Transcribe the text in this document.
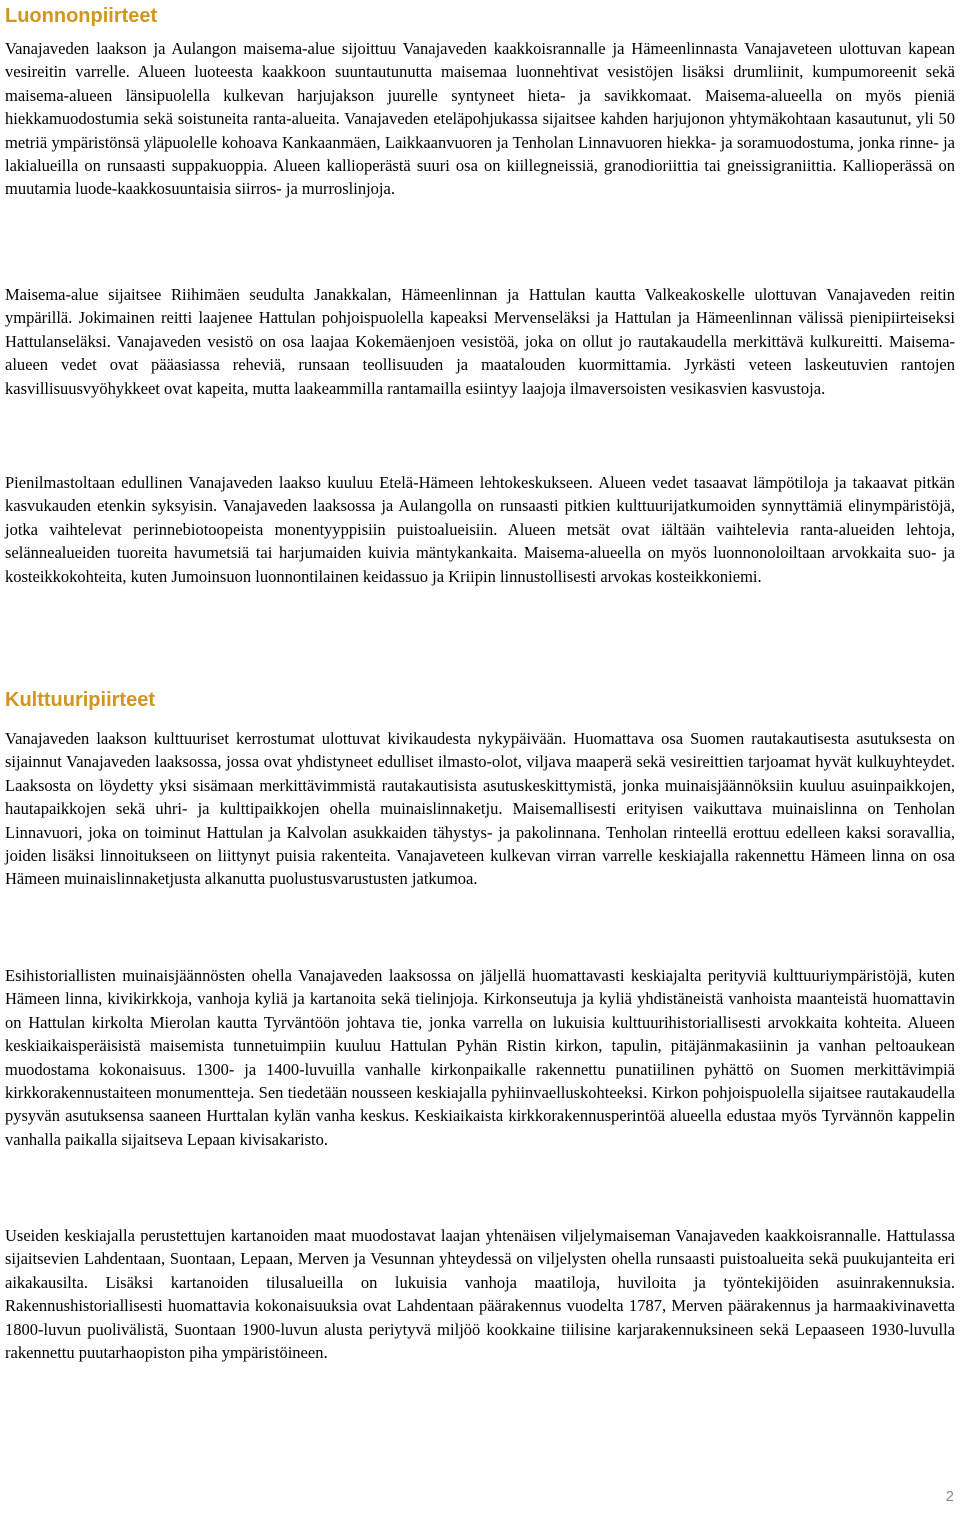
Luonnonpiirteet

Vanajaveden laakson ja Aulangon maisema-alue sijoittuu Vanajaveden kaakkoisrannalle ja Hämeenlinnasta Vanajaveteen ulottuvan kapean vesireitin varrelle. Alueen luoteesta kaakkoon suuntautunutta maisemaa luonnehtivat vesistöjen lisäksi drumliinit, kumpumoreenit sekä maisema-alueen länsipuolella kulkevan harjujakson juurelle syntyneet hieta- ja savikkomaat. Maisema-alueella on myös pieniä hiekkamuodostumia sekä soistuneita ranta-alueita. Vanajaveden eteläpohjukassa sijaitsee kahden harjujonon yhtymäkohtaan kasautunut, yli 50 metriä ympäristönsä yläpuolelle kohoava Kankaanmäen, Laikkaanvuoren ja Tenholan Linnavuoren hiekka- ja soramuodostuma, jonka rinne- ja lakialueilla on runsaasti suppakuoppia. Alueen kallioperästä suuri osa on kiillegneissiä, granodioriittia tai gneissigraniittia. Kallioperässä on muutamia luode-kaakkosuuntaisia siirros- ja murroslinjoja.

Maisema-alue sijaitsee Riihimäen seudulta Janakkalan, Hämeenlinnan ja Hattulan kautta Valkeakoskelle ulottuvan Vanajaveden reitin ympärillä. Jokimainen reitti laajenee Hattulan pohjoispuolella kapeaksi Mervenseläksi ja Hattulan ja Hämeenlinnan välissä pienipiirteiseksi Hattulanseläksi. Vanajaveden vesistö on osa laajaa Kokemäenjoen vesistöä, joka on ollut jo rautakaudella merkittävä kulkureitti. Maisema-alueen vedet ovat pääasiassa reheviä, runsaan teollisuuden ja maatalouden kuormittamia. Jyrkästi veteen laskeutuvien rantojen kasvillisuusvyöhykkeet ovat kapeita, mutta laakeammilla rantamailla esiintyy laajoja ilmaversoisten vesikasvien kasvustoja.

Pienilmastoltaan edullinen Vanajaveden laakso kuuluu Etelä-Hämeen lehtokeskukseen. Alueen vedet tasaavat lämpötiloja ja takaavat pitkän kasvukauden etenkin syksyisin. Vanajaveden laaksossa ja Aulangolla on runsaasti pitkien kulttuurijatkumoiden synnyttämiä elinympäristöjä, jotka vaihtelevat perinnebiotoopeista monentyyppisiin puistoalueisiin. Alueen metsät ovat iältään vaihtelevia ranta-alueiden lehtoja, selännealueiden tuoreita havumetsiä tai harjumaiden kuivia mäntykankaita. Maisema-alueella on myös luonnonoloiltaan arvokkaita suo- ja kosteikkokohteita, kuten Jumoinsuon luonnontilainen keidassuo ja Kriipin linnustollisesti arvokas kosteikkoniemi.

Kulttuuripiirteet

Vanajaveden laakson kulttuuriset kerrostumat ulottuvat kivikaudesta nykypäivään. Huomattava osa Suomen rautakautisesta asutuksesta on sijainnut Vanajaveden laaksossa, jossa ovat yhdistyneet edulliset ilmasto-olot, viljava maaperä sekä vesireittien tarjoamat hyvät kulkuyhteydet. Laaksosta on löydetty yksi sisämaan merkittävimmistä rautakautisista asutuskeskittymistä, jonka muinaisjäännöksiin kuuluu asuinpaikkojen, hautapaikkojen sekä uhri- ja kulttipaikkojen ohella muinaislinnaketju. Maisemallisesti erityisen vaikuttava muinaislinna on Tenholan Linnavuori, joka on toiminut Hattulan ja Kalvolan asukkaiden tähystys- ja pakolinnana. Tenholan rinteellä erottuu edelleen kaksi soravallia, joiden lisäksi linnoitukseen on liittynyt puisia rakenteita. Vanajaveteen kulkevan virran varrelle keskiajalla rakennettu Hämeen linna on osa Hämeen muinaislinnaketjusta alkanutta puolustusvarustusten jatkumoa.

Esihistoriallisten muinaisjäännösten ohella Vanajaveden laaksossa on jäljellä huomattavasti keskiajalta perityviä kulttuuriympäristöjä, kuten Hämeen linna, kivikirkkoja, vanhoja kyliä ja kartanoita sekä tielinjoja. Kirkonseutuja ja kyliä yhdistäneistä vanhoista maanteistä huomattavin on Hattulan kirkolta Mierolan kautta Tyrväntöön johtava tie, jonka varrella on lukuisia kulttuurihistoriallisesti arvokkaita kohteita. Alueen keskiaikaisperäisistä maisemista tunnetuimpiin kuuluu Hattulan Pyhän Ristin kirkon, tapulin, pitäjänmakasiinin ja vanhan peltoaukean muodostama kokonaisuus. 1300- ja 1400-luvuilla vanhalle kirkonpaikalle rakennettu punatiilinen pyhättö on Suomen merkittävimpiä kirkkorakennustaiteen monumentteja. Sen tiedetään nousseen keskiajalla pyhiinvaelluskohteeksi. Kirkon pohjoispuolella sijaitsee rautakaudella pysyvän asutuksensa saaneen Hurttalan kylän vanha keskus. Keskiaikaista kirkkorakennusperintöä alueella edustaa myös Tyrvännön kappelin vanhalla paikalla sijaitseva Lepaan kivisakaristo.

Useiden keskiajalla perustettujen kartanoiden maat muodostavat laajan yhtenäisen viljelymaiseman Vanajaveden kaakkoisrannalle. Hattulassa sijaitsevien Lahdentaan, Suontaan, Lepaan, Merven ja Vesunnan yhteydessä on viljelysten ohella runsaasti puistoalueita sekä puukujanteita eri aikakausilta. Lisäksi kartanoiden tilusalueilla on lukuisia vanhoja maatiloja, huviloita ja työntekijöiden asuinrakennuksia. Rakennushistoriallisesti huomattavia kokonaisuuksia ovat Lahdentaan päärakennus vuodelta 1787, Merven päärakennus ja harmaakivinavetta 1800-luvun puolivälistä, Suontaan 1900-luvun alusta periytyvä miljöö kookkaine tiilisine karjarakennuksineen sekä Lepaaseen 1930-luvulla rakennettu puutarhaopiston piha ympäristöineen.

2
